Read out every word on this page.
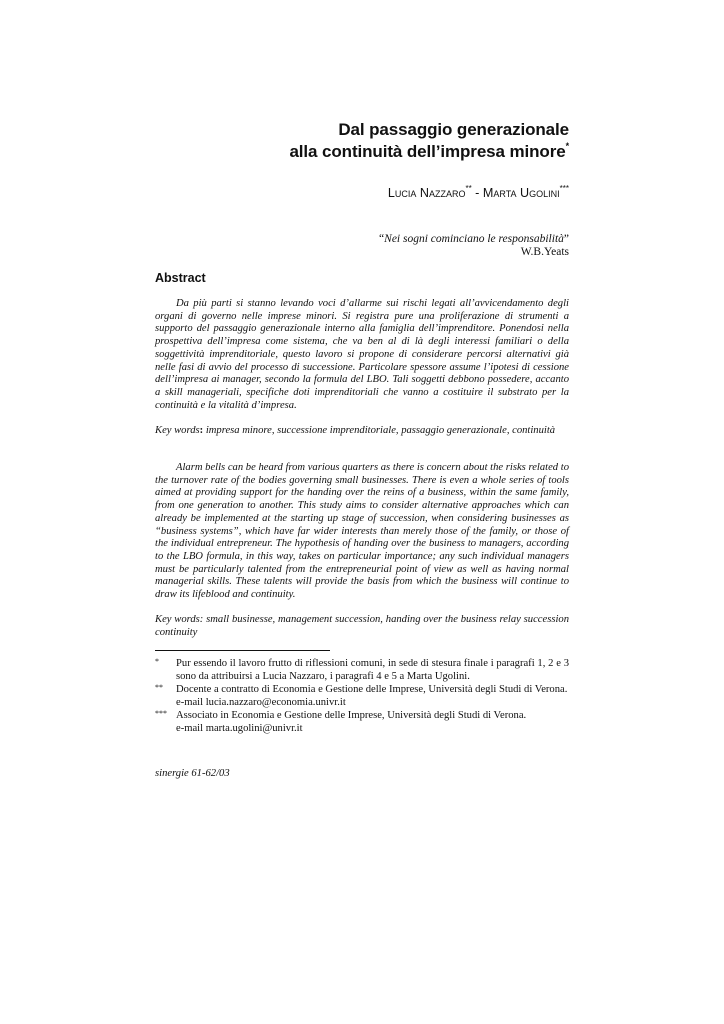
Dal passaggio generazionale
alla continuità dell’impresa minore*
Lucia Nazzaro** - Marta Ugolini***
“Nei sogni cominciano le responsabilità”
W.B.Yeats
Abstract

Da più parti si stanno levando voci d’allarme sui rischi legati all’avvicendamento degli organi di governo nelle imprese minori. Si registra pure una proliferazione di strumenti a supporto del passaggio generazionale interno alla famiglia dell’imprenditore. Ponendosi nella prospettiva dell’impresa come sistema, che va ben al di là degli interessi familiari o della soggettività imprenditoriale, questo lavoro si propone di considerare percorsi alternativi già nelle fasi di avvio del processo di successione. Particolare spessore assume l’ipotesi di cessione dell’impresa ai manager, secondo la formula del LBO. Tali soggetti debbono possedere, accanto a skill manageriali, specifiche doti imprenditoriali che vanno a costituire il substrato per la continuità e la vitalità d’impresa.

Key words: impresa minore, successione imprenditoriale, passaggio generazionale, continuità

Alarm bells can be heard from various quarters as there is concern about the risks related to the turnover rate of the bodies governing small businesses. There is even a whole series of tools aimed at providing support for the handing over the reins of a business, within the same family, from one generation to another. This study aims to consider alternative approaches which can already be implemented at the starting up stage of succession, when considering businesses as “business systems”, which have far wider interests than merely those of the family, or those of the individual entrepreneur. The hypothesis of handing over the business to managers, according to the LBO formula, in this way, takes on particular importance; any such individual managers must be particularly talented from the entrepreneurial point of view as well as having normal managerial skills. These talents will provide the basis from which the business will continue to draw its lifeblood and continuity.

Key words: small businesse, management succession, handing over the business relay succession continuity

*	Pur essendo il lavoro frutto di riflessioni comuni, in sede di stesura finale i paragrafi 1, 2 e 3 sono da attribuirsi a Lucia Nazzaro, i paragrafi 4 e 5 a Marta Ugolini.
**	Docente a contratto di Economia e Gestione delle Imprese, Università degli Studi di Verona.
e-mail lucia.nazzaro@economia.univr.it
*** Associato in Economia e Gestione delle Imprese, Università degli Studi di Verona.
e-mail marta.ugolini@univr.it
sinergie 61-62/03
